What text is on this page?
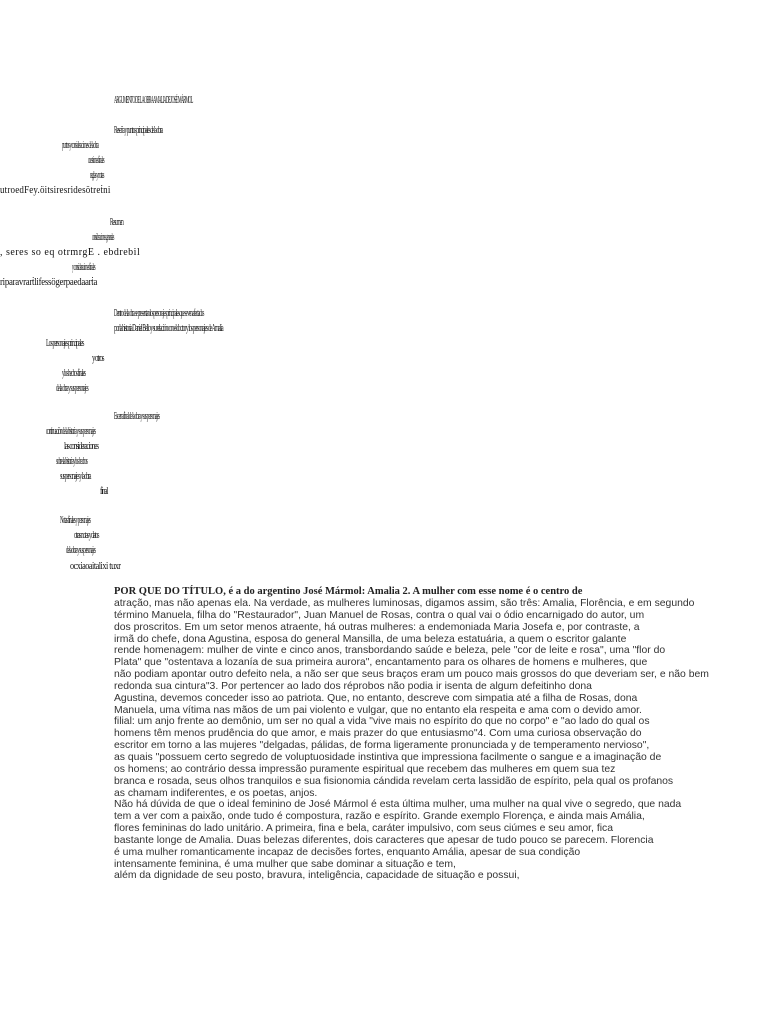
ARGUMENTO DE LA OBRA AMALIA DE JOSÉ MÁRMOL
Reseña y puntos principales de la obra
puntos y consideraciones de la obra
cuestiones finales
reglas y notas
utroedFey.öitsiresridesötreṫni
Resumen
consideraciones generales
, seres so eq otrmrgE . ebdrebil
y consideraciones finales
riparavrarṫlifessögerpaedaarṫa
Dentro de la obra se presentan los personajes principales que se ven afectados
por la historia Daniel Bello y su relación con el doctor y los personajes de Amalia
Los personajes principales
y otros
y los hechos finales
de la obra y sus personajes
Escena final de la obra y sus personajes
continuación de la historia y sus personajes
las consideraciones
sobre la historia y los hechos
sus personajes y la obra
final
Notas finales y personajes
otras notas y datos
de la obra y sus personajes
ocxiaoaitalixi tuxr
POR QUE DO TÍTULO, é a do argentino José Mármol: Amalia 2. A mulher com esse nome é o centro de
atração, mas não apenas ela. Na verdade, as mulheres luminosas, digamos assim, são três: Amalia, Florência, e em segundo
término Manuela, filha do "Restaurador", Juan Manuel de Rosas, contra o qual vai o ódio encarnigado do autor, um
dos proscritos. Em um setor menos atraente, há outras mulheres: a endemoniada Maria Josefa e, por contraste, a
irmã do chefe, dona Agustina, esposa do general Mansilla, de uma beleza estatuária, a quem o escritor galante
rende homenagem: mulher de vinte e cinco anos, transbordando saúde e beleza, pele "cor de leite e rosa", uma "flor do
Plata" que "ostentava a lozanía de sua primeira aurora", encantamento para os olhares de homens e mulheres, que
não podiam apontar outro defeito nela, a não ser que seus braços eram um pouco mais grossos do que deveriam ser, e não bem
redonda sua cintura"3. Por pertencer ao lado dos réprobos não podia ir isenta de algum defeitinho dona
Agustina, devemos conceder isso ao patriota. Que, no entanto, descreve com simpatia até a filha de Rosas, dona
Manuela, uma vítima nas mãos de um pai violento e vulgar, que no entanto ela respeita e ama com o devido amor.
filial: um anjo frente ao demônio, um ser no qual a vida "vive mais no espírito do que no corpo" e "ao lado do qual os
homens têm menos prudência do que amor, e mais prazer do que entusiasmo"4. Com uma curiosa observação do
escritor em torno a las mujeres "delgadas, pálidas, de forma ligeramente pronunciada y de temperamento nervioso",
as quais "possuem certo segredo de voluptuosidade instintiva que impressiona facilmente o sangue e a imaginação de
os homens; ao contrário dessa impressão puramente espiritual que recebem das mulheres em quem sua tez
branca e rosada, seus olhos tranquilos e sua fisionomia cándida revelam certa lassidão de espírito, pela qual os profanos
as chamam indiferentes, e os poetas, anjos.
Não há dúvida de que o ideal feminino de José Mármol é esta última mulher, uma mulher na qual vive o segredo, que nada
tem a ver com a paixão, onde tudo é compostura, razão e espírito. Grande exemplo Florença, e ainda mais Amália,
flores femininas do lado unitário. A primeira, fina e bela, caráter impulsivo, com seus ciúmes e seu amor, fica
bastante longe de Amalia. Duas belezas diferentes, dois caracteres que apesar de tudo pouco se parecem. Florencia
é uma mulher romanticamente incapaz de decisões fortes, enquanto Amália, apesar de sua condição
intensamente feminina, é uma mulher que sabe dominar a situação e tem,
além da dignidade de seu posto, bravura, inteligência, capacidade de situação e possui,
